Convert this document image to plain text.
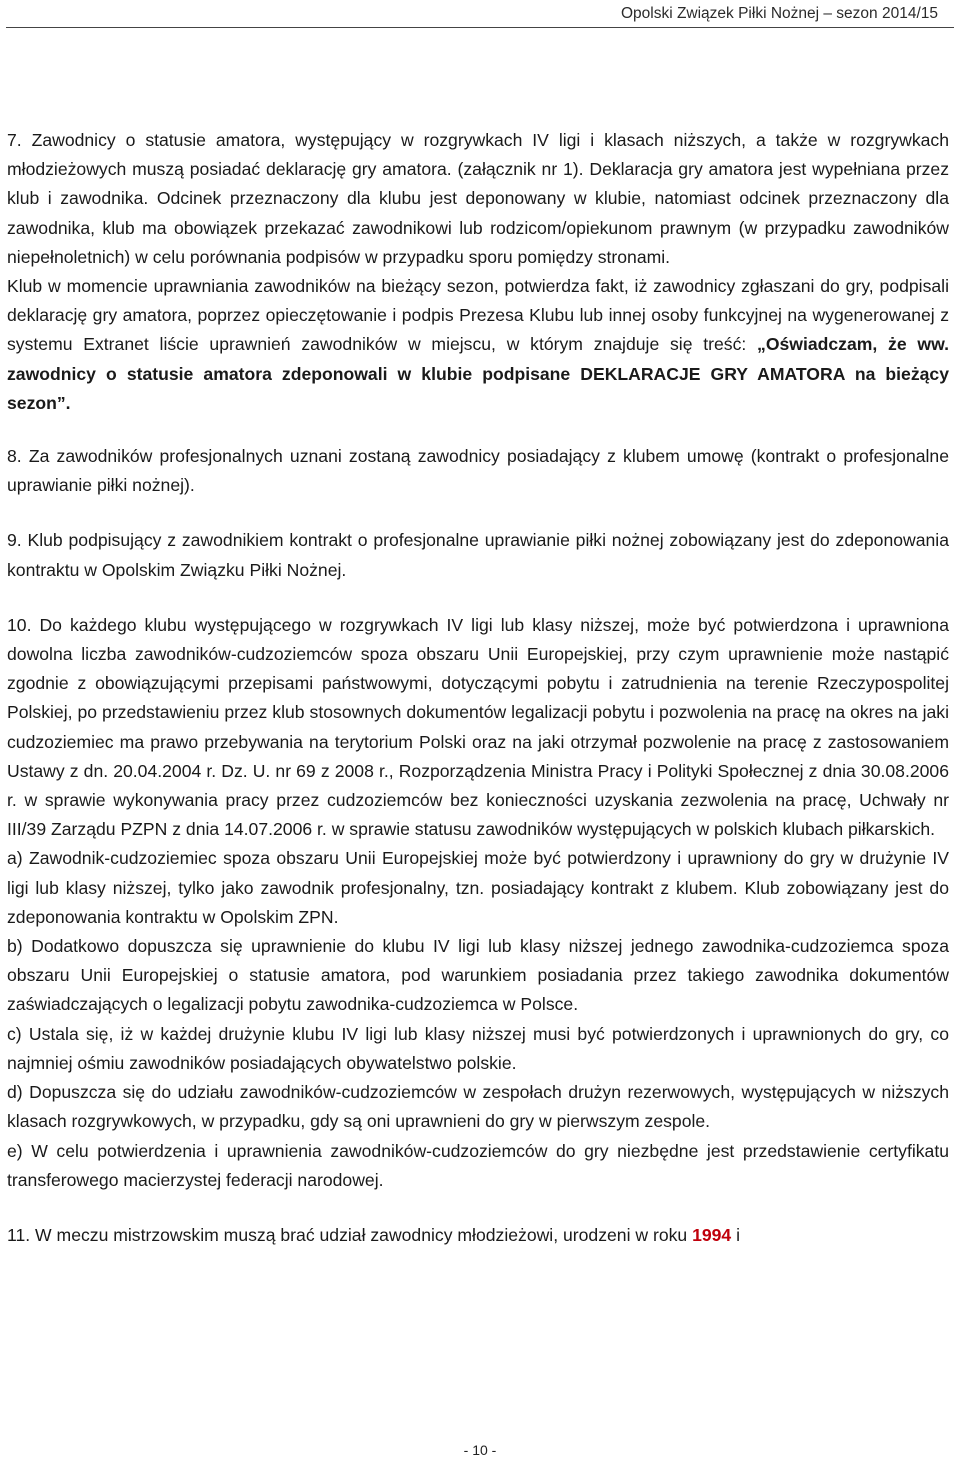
Opolski Związek Piłki Nożnej – sezon 2014/15

7. Zawodnicy o statusie amatora, występujący w rozgrywkach IV ligi i klasach niższych, a także w rozgrywkach młodzieżowych muszą posiadać deklarację gry amatora. (załącznik nr 1). Deklaracja gry amatora jest wypełniana przez klub i zawodnika. Odcinek przeznaczony dla klubu jest deponowany w klubie, natomiast odcinek przeznaczony dla zawodnika, klub ma obowiązek przekazać zawodnikowi lub rodzicom/opiekunom prawnym (w przypadku zawodników niepełnoletnich) w celu porównania podpisów w przypadku sporu pomiędzy stronami.

Klub w momencie uprawniania zawodników na bieżący sezon, potwierdza fakt, iż zawodnicy zgłaszani do gry, podpisali deklarację gry amatora, poprzez opieczętowanie i podpis Prezesa Klubu lub innej osoby funkcyjnej na wygenerowanej z systemu Extranet liście uprawnień zawodników w miejscu, w którym znajduje się treść: „Oświadczam, że ww. zawodnicy o statusie amatora zdeponowali w klubie podpisane DEKLARACJE GRY AMATORA na bieżący sezon”.

8. Za zawodników profesjonalnych uznani zostaną zawodnicy posiadający z klubem umowę (kontrakt o profesjonalne uprawianie piłki nożnej).

9. Klub podpisujący z zawodnikiem kontrakt o profesjonalne uprawianie piłki nożnej zobowiązany jest do zdeponowania kontraktu w Opolskim Związku Piłki Nożnej.

10. Do każdego klubu występującego w rozgrywkach IV ligi lub klasy niższej, może być potwierdzona i uprawniona dowolna liczba zawodników-cudzoziemców spoza obszaru Unii Europejskiej, przy czym uprawnienie może nastąpić zgodnie z obowiązującymi przepisami państwowymi, dotyczącymi pobytu i zatrudnienia na terenie Rzeczypospolitej Polskiej, po przedstawieniu przez klub stosownych dokumentów legalizacji pobytu i pozwolenia na pracę na okres na jaki cudzoziemiec ma prawo przebywania na terytorium Polski oraz na jaki otrzymał pozwolenie na pracę z zastosowaniem Ustawy z dn. 20.04.2004 r. Dz. U. nr 69 z 2008 r., Rozporządzenia Ministra Pracy i Polityki Społecznej z dnia 30.08.2006 r. w sprawie wykonywania pracy przez cudzoziemców bez konieczności uzyskania zezwolenia na pracę, Uchwały nr III/39 Zarządu PZPN z dnia 14.07.2006 r. w sprawie statusu zawodników występujących w polskich klubach piłkarskich.

a) Zawodnik-cudzoziemiec spoza obszaru Unii Europejskiej może być potwierdzony i uprawniony do gry w drużynie IV ligi lub klasy niższej, tylko jako zawodnik profesjonalny, tzn. posiadający kontrakt z klubem. Klub zobowiązany jest do zdeponowania kontraktu w Opolskim ZPN.

b) Dodatkowo dopuszcza się uprawnienie do klubu IV ligi lub klasy niższej jednego zawodnika-cudzoziemca spoza obszaru Unii Europejskiej o statusie amatora, pod warunkiem posiadania przez takiego zawodnika dokumentów zaświadczających o legalizacji pobytu zawodnika-cudzoziemca w Polsce.

c) Ustala się, iż w każdej drużynie klubu IV ligi lub klasy niższej musi być potwierdzonych i uprawnionych do gry, co najmniej ośmiu zawodników posiadających obywatelstwo polskie.

d) Dopuszcza się do udziału zawodników-cudzoziemców w zespołach drużyn rezerwowych, występujących w niższych klasach rozgrywkowych, w przypadku, gdy są oni uprawnieni do gry w pierwszym zespole.

e) W celu potwierdzenia i uprawnienia zawodników-cudzoziemców do gry niezbędne jest przedstawienie certyfikatu transferowego macierzystej federacji narodowej.

11. W meczu mistrzowskim muszą brać udział zawodnicy młodzieżowi, urodzeni w roku 1994 i

- 10 -
